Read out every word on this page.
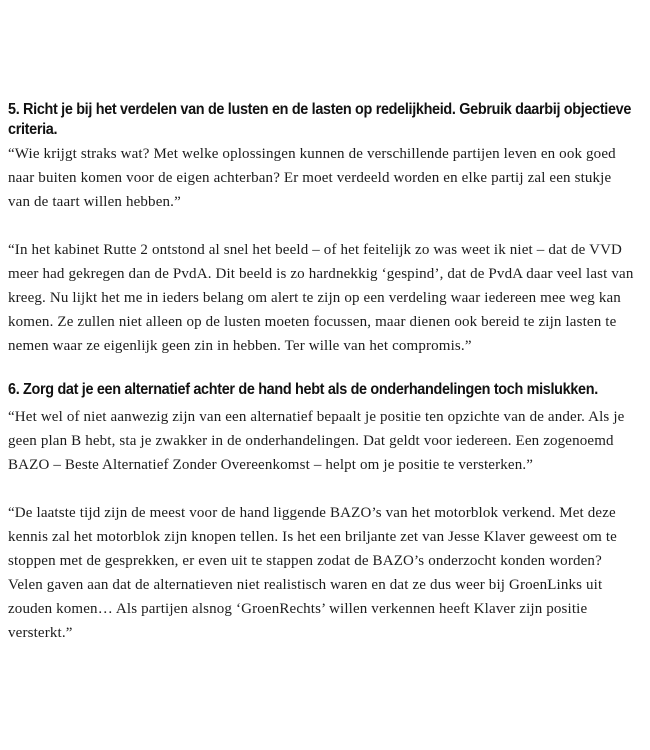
5. Richt je bij het verdelen van de lusten en de lasten op redelijkheid. Gebruik daarbij objectieve criteria.

“Wie krijgt straks wat? Met welke oplossingen kunnen de verschillende partijen leven en ook goed naar buiten komen voor de eigen achterban? Er moet verdeeld worden en elke partij zal een stukje van de taart willen hebben.”

“In het kabinet Rutte 2 ontstond al snel het beeld – of het feitelijk zo was weet ik niet – dat de VVD meer had gekregen dan de PvdA. Dit beeld is zo hardnekkig ‘gespind’, dat de PvdA daar veel last van kreeg. Nu lijkt het me in ieders belang om alert te zijn op een verdeling waar iedereen mee weg kan komen. Ze zullen niet alleen op de lusten moeten focussen, maar dienen ook bereid te zijn lasten te nemen waar ze eigenlijk geen zin in hebben. Ter wille van het compromis.”

6. Zorg dat je een alternatief achter de hand hebt als de onderhandelingen toch mislukken.

“Het wel of niet aanwezig zijn van een alternatief bepaalt je positie ten opzichte van de ander. Als je geen plan B hebt, sta je zwakker in de onderhandelingen. Dat geldt voor iedereen. Een zogenoemd BAZO – Beste Alternatief Zonder Overeenkomst – helpt om je positie te versterken.”

“De laatste tijd zijn de meest voor de hand liggende BAZO’s van het motorblok verkend. Met deze kennis zal het motorblok zijn knopen tellen. Is het een briljante zet van Jesse Klaver geweest om te stoppen met de gesprekken, er even uit te stappen zodat de BAZO’s onderzocht konden worden? Velen gaven aan dat de alternatieven niet realistisch waren en dat ze dus weer bij GroenLinks uit zouden komen… Als partijen alsnog ‘GroenRechts’ willen verkennen heeft Klaver zijn positie versterkt.”
